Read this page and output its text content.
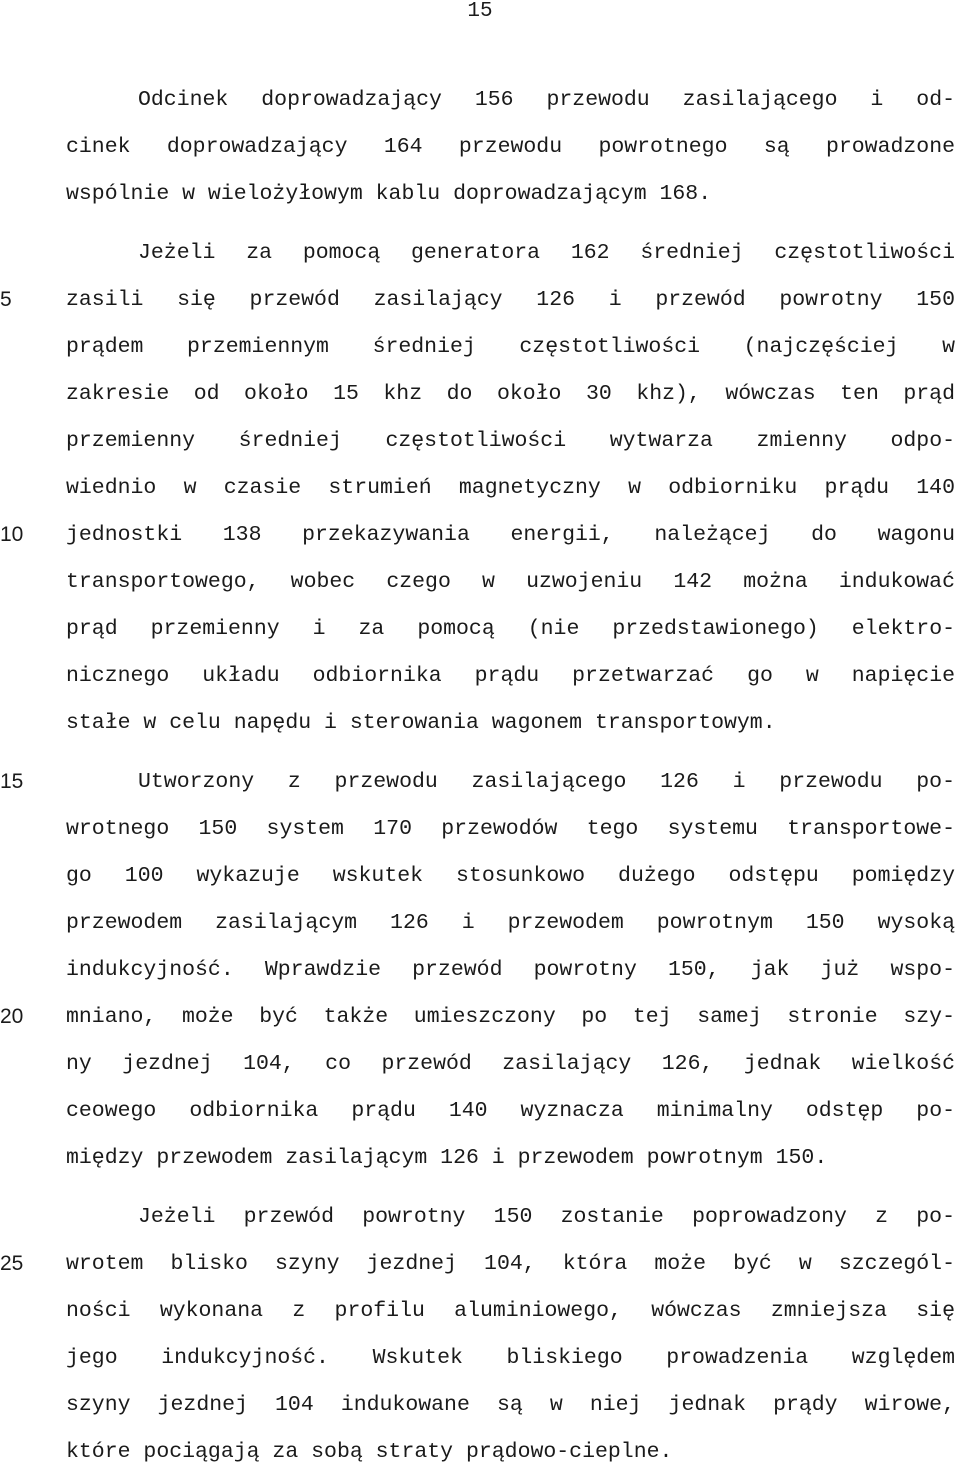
15
5
10
15
20
25
Odcinek doprowadzający 156 przewodu zasilającego i od-
cinek doprowadzający 164 przewodu powrotnego są prowadzone
wspólnie w wielożyłowym kablu doprowadzającym 168.
Jeżeli za pomocą generatora 162 średniej częstotliwości
zasili się przewód zasilający 126 i przewód powrotny 150
prądem przemiennym średniej częstotliwości (najczęściej w
zakresie od około 15 khz do około 30 khz), wówczas ten prąd
przemienny średniej częstotliwości wytwarza zmienny odpo-
wiednio w czasie strumień magnetyczny w odbiorniku prądu 140
jednostki 138 przekazywania energii, należącej do wagonu
transportowego, wobec czego w uzwojeniu 142 można indukować
prąd przemienny i za pomocą (nie przedstawionego) elektro-
nicznego układu odbiornika prądu przetwarzać go w napięcie
stałe w celu napędu i sterowania wagonem transportowym.
Utworzony z przewodu zasilającego 126 i przewodu po-
wrotnego 150 system 170 przewodów tego systemu transportowe-
go 100 wykazuje wskutek stosunkowo dużego odstępu pomiędzy
przewodem zasilającym 126 i przewodem powrotnym 150 wysoką
indukcyjność. Wprawdzie przewód powrotny 150, jak już wspo-
mniano, może być także umieszczony po tej samej stronie szy-
ny jezdnej 104, co przewód zasilający 126, jednak wielkość
ceowego odbiornika prądu 140 wyznacza minimalny odstęp po-
między przewodem zasilającym 126 i przewodem powrotnym 150.
Jeżeli przewód powrotny 150 zostanie poprowadzony z po-
wrotem blisko szyny jezdnej 104, która może być w szczegól-
ności wykonana z profilu aluminiowego, wówczas zmniejsza się
jego indukcyjność. Wskutek bliskiego prowadzenia względem
szyny jezdnej 104 indukowane są w niej jednak prądy wirowe,
które pociągają za sobą straty prądowo-cieplne.
